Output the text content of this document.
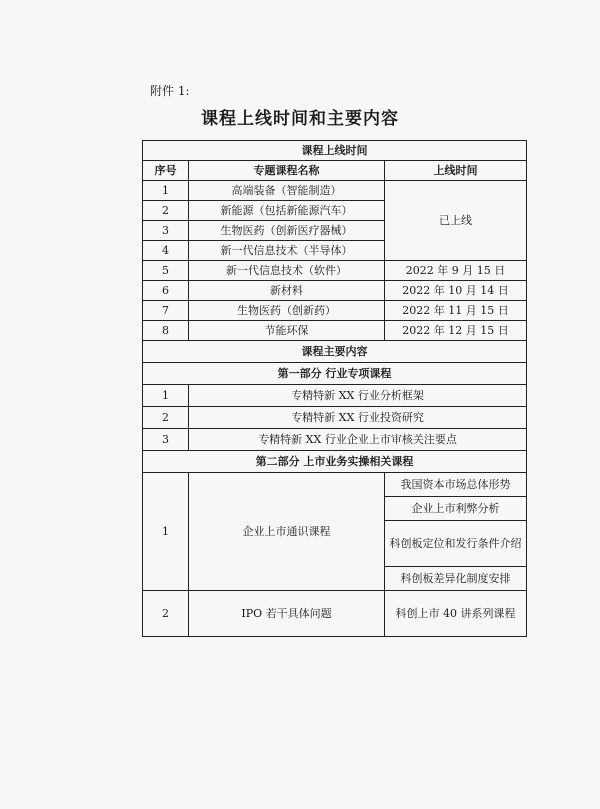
附件 1:
课程上线时间和主要内容
课程上线时间		
序号	专题课程名称	上线时间
1	高端装备（智能制造）	已上线
2	新能源（包括新能源汽车）	
3	生物医药（创新医疗器械）	
4	新一代信息技术（半导体）	
5	新一代信息技术（软件）	2022 年 9 月 15 日
6	新材料	2022 年 10 月 14 日
7	生物医药（创新药）	2022 年 11 月 15 日
8	节能环保	2022 年 12 月 15 日
课程主要内容		
第一部分 行业专项课程		
1	专精特新 XX 行业分析框架	
2	专精特新 XX 行业投资研究	
3	专精特新 XX 行业企业上市审核关注要点	
第二部分 上市业务实操相关课程		
1	企业上市通识课程	我国资本市场总体形势
		企业上市利弊分析
		科创板定位和发行条件介绍
		科创板差异化制度安排
2	IPO 若干具体问题	科创上市 40 讲系列课程
